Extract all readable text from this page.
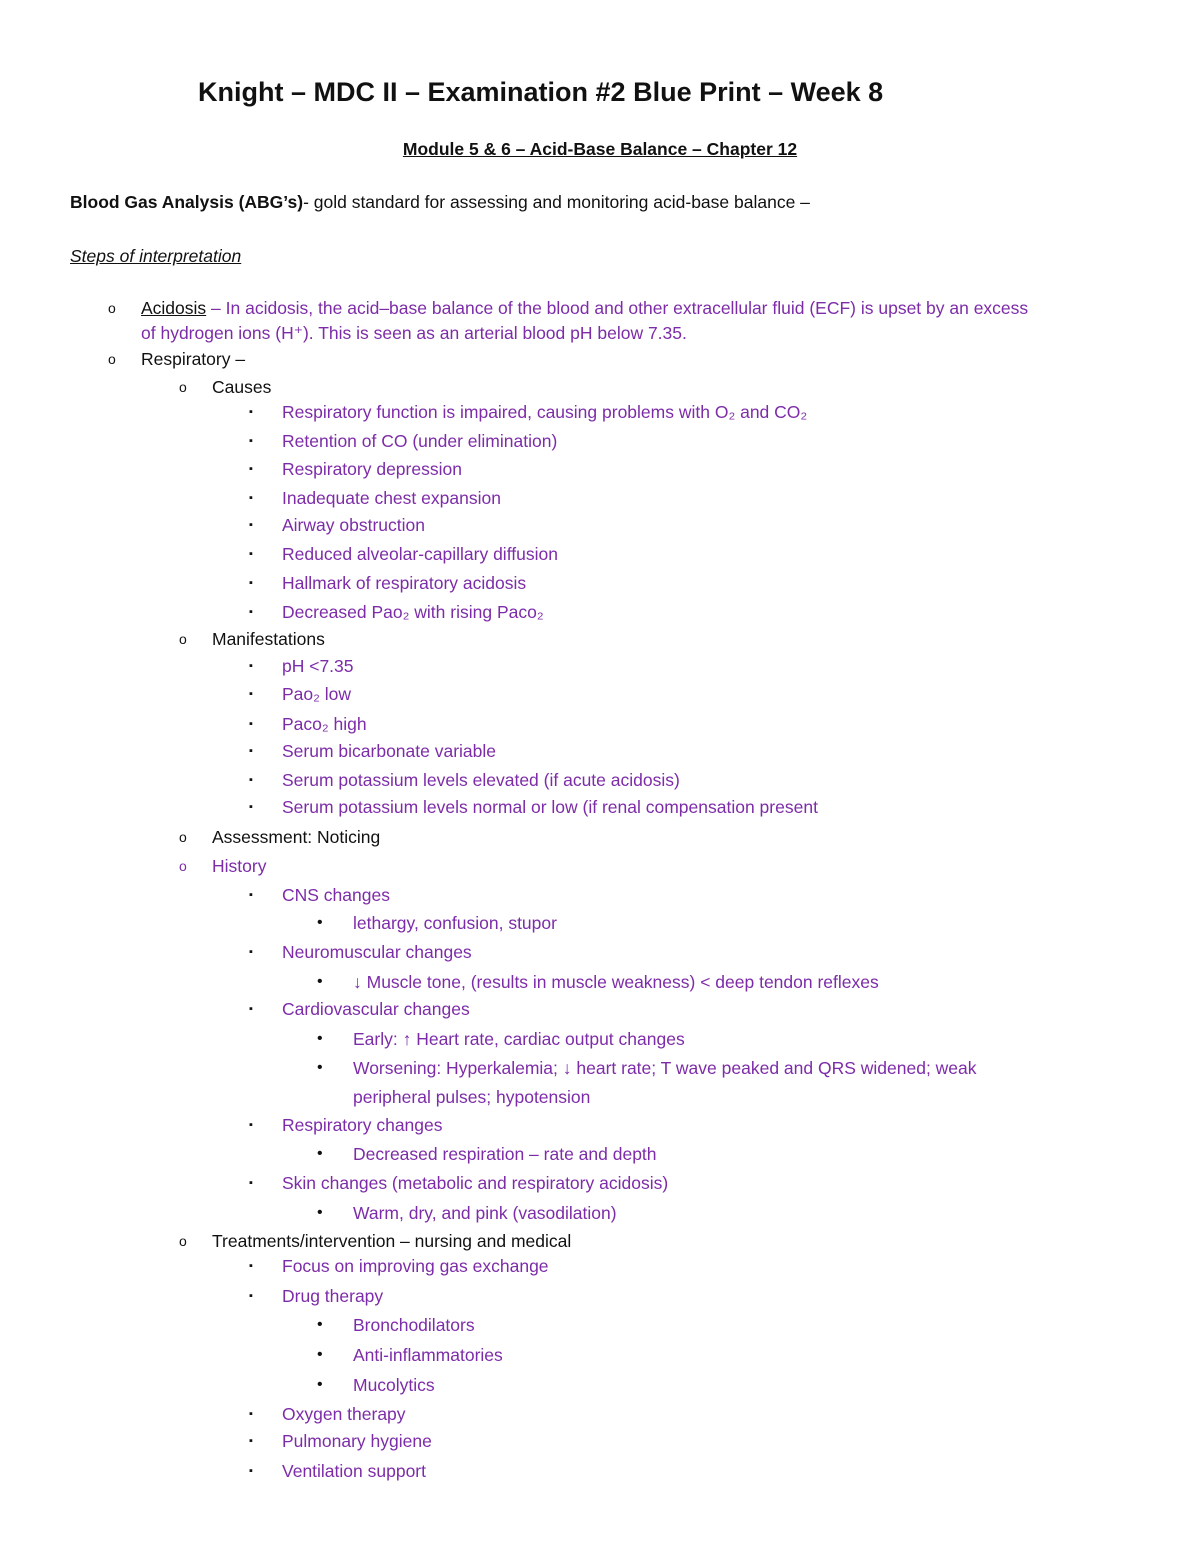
Knight – MDC II – Examination #2 Blue Print – Week 8
Module 5 & 6 – Acid-Base Balance – Chapter 12
Blood Gas Analysis (ABG’s)- gold standard for assessing and monitoring acid-base balance –
Steps of interpretation
o Acidosis – In acidosis, the acid–base balance of the blood and other extracellular fluid (ECF) is upset by an excess
of hydrogen ions (H⁺). This is seen as an arterial blood pH below 7.35.
o Respiratory –
o Causes
▪ Respiratory function is impaired, causing problems with O₂ and CO₂
▪ Retention of CO (under elimination)
▪ Respiratory depression
▪ Inadequate chest expansion
▪ Airway obstruction
▪ Reduced alveolar-capillary diffusion
▪ Hallmark of respiratory acidosis
▪ Decreased Pao₂ with rising Paco₂
o Manifestations
▪ pH <7.35
▪ Pao₂ low
▪ Paco₂ high
▪ Serum bicarbonate variable
▪ Serum potassium levels elevated (if acute acidosis)
▪ Serum potassium levels normal or low (if renal compensation present
o Assessment: Noticing
o History
▪ CNS changes
• lethargy, confusion, stupor
▪ Neuromuscular changes
• ↓ Muscle tone, (results in muscle weakness) < deep tendon reflexes
▪ Cardiovascular changes
• Early: ↑ Heart rate, cardiac output changes
• Worsening: Hyperkalemia; ↓ heart rate; T wave peaked and QRS widened; weak
peripheral pulses; hypotension
▪ Respiratory changes
• Decreased respiration – rate and depth
▪ Skin changes (metabolic and respiratory acidosis)
• Warm, dry, and pink (vasodilation)
o Treatments/intervention – nursing and medical
▪ Focus on improving gas exchange
▪ Drug therapy
• Bronchodilators
• Anti-inflammatories
• Mucolytics
▪ Oxygen therapy
▪ Pulmonary hygiene
▪ Ventilation support
